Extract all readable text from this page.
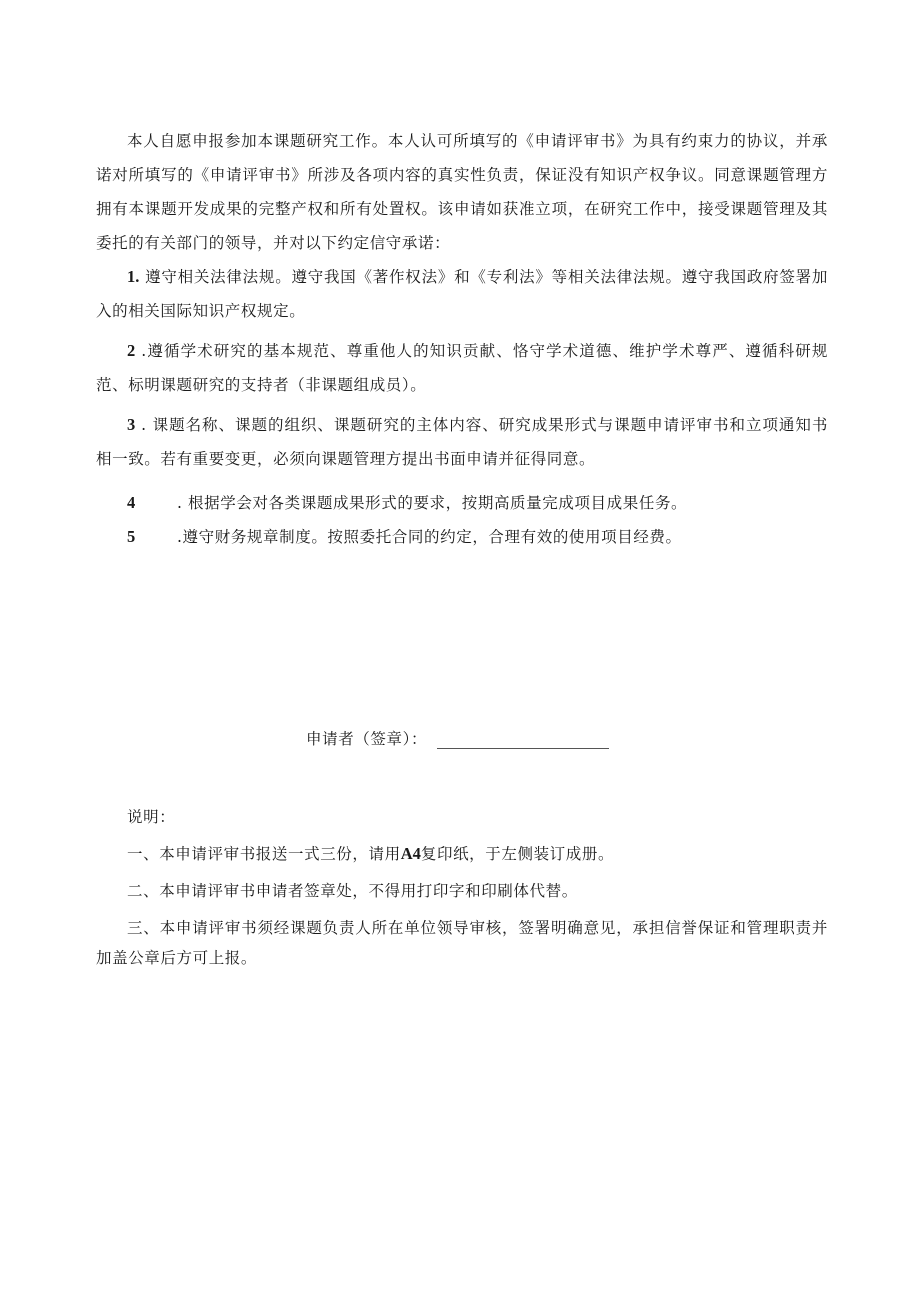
本人自愿申报参加本课题研究工作。本人认可所填写的《申请评审书》为具有约束力的协议，并承诺对所填写的《申请评审书》所涉及各项内容的真实性负责，保证没有知识产权争议。同意课题管理方拥有本课题开发成果的完整产权和所有处置权。该申请如获准立项，在研究工作中，接受课题管理及其委托的有关部门的领导，并对以下约定信守承诺：

1. 遵守相关法律法规。遵守我国《著作权法》和《专利法》等相关法律法规。遵守我国政府签署加入的相关国际知识产权规定。

2 .遵循学术研究的基本规范、尊重他人的知识贡献、恪守学术道德、维护学术尊严、遵循科研规范、标明课题研究的支持者（非课题组成员）。

3 . 课题名称、课题的组织、课题研究的主体内容、研究成果形式与课题申请评审书和立项通知书相一致。若有重要变更，必须向课题管理方提出书面申请并征得同意。

4	. 根据学会对各类课题成果形式的要求，按期高质量完成项目成果任务。

5	.遵守财务规章制度。按照委托合同的约定，合理有效的使用项目经费。

申请者（签章）：

说明：

一、本申请评审书报送一式三份，请用A4复印纸，于左侧装订成册。

二、本申请评审书申请者签章处，不得用打印字和印刷体代替。

三、本申请评审书须经课题负责人所在单位领导审核，签署明确意见，承担信誉保证和管理职责并加盖公章后方可上报。
